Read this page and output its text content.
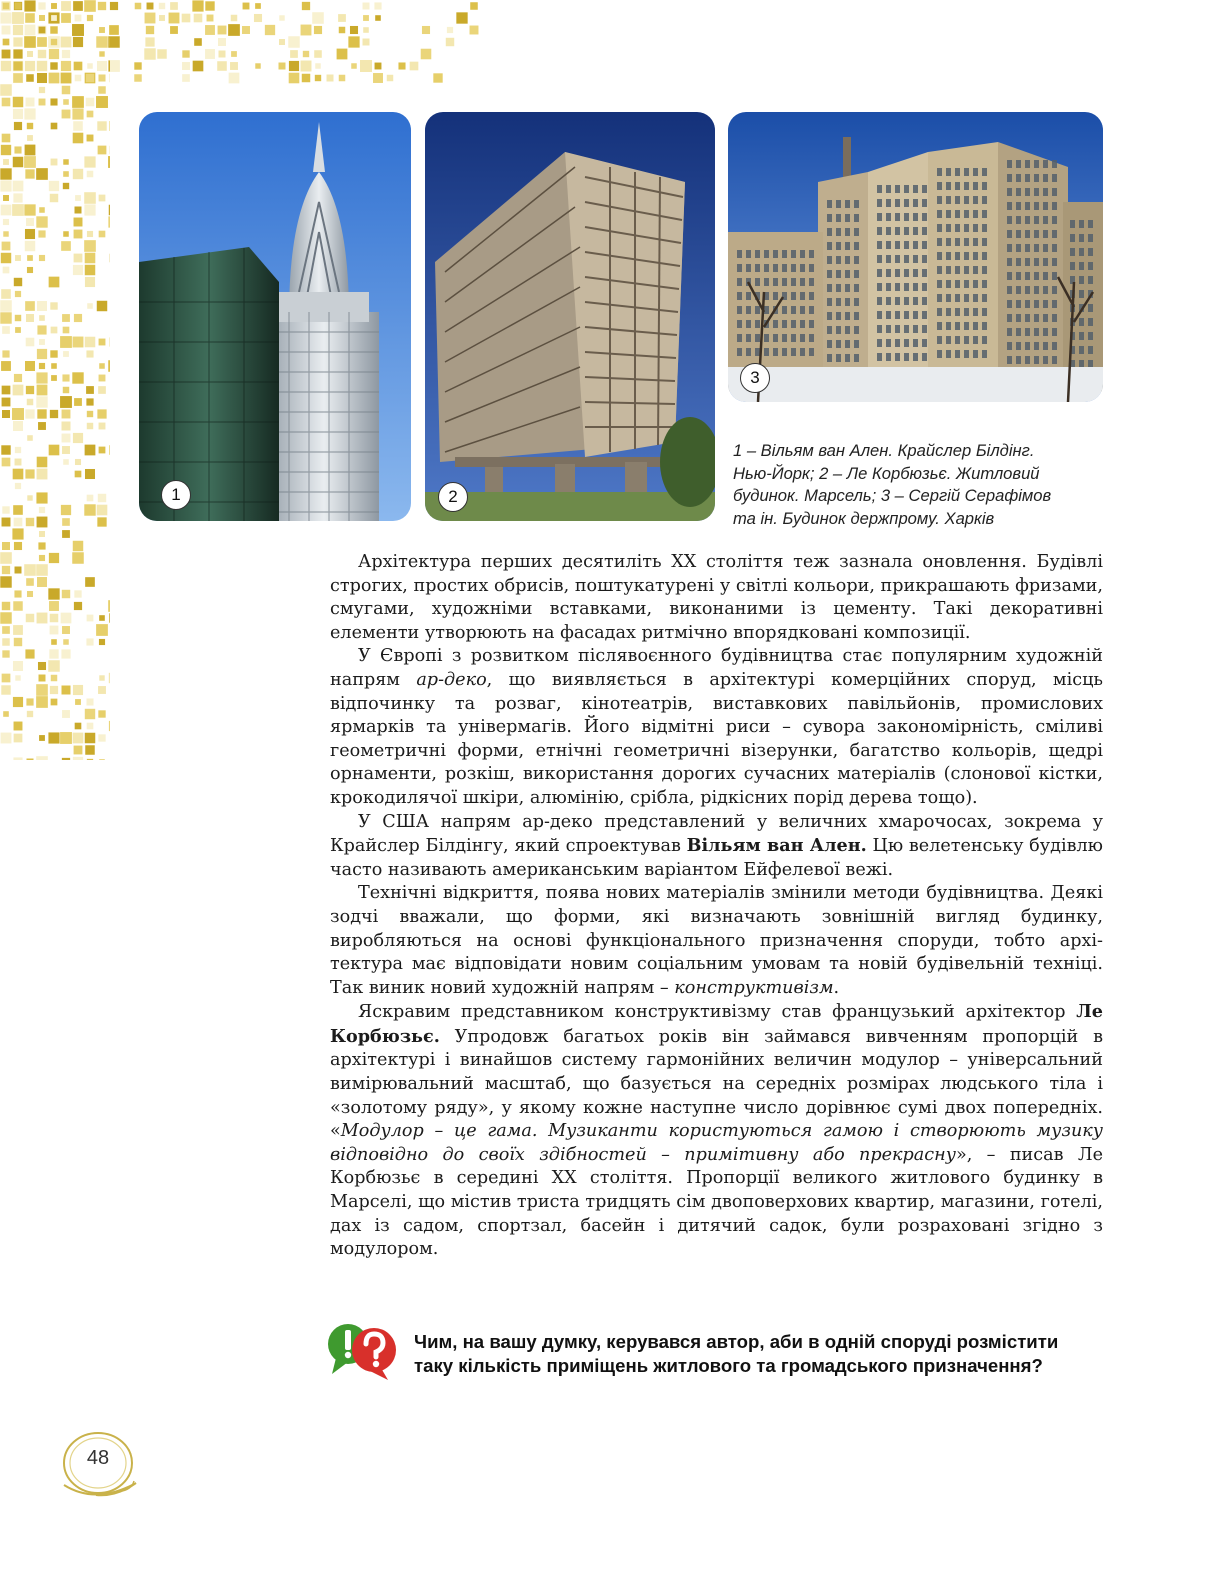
1	2
3
1 – Вільям ван Ален. Крайслер Білдінг.
Нью-Йорк; 2 – Ле Корбюзьє. Житловий
будинок. Марсель; 3 – Сергій Серафімов
та ін. Будинок держпрому. Харків

Архітектура перших десятиліть XX століття теж зазнала оновлення. Будівлі строгих, простих обрисів, поштукатурені у світлі кольори, прикрашають фризами, смугами, художніми вставками, виконаними із цементу. Такі декоративні елементи утворюють на фасадах ритмічно впорядковані композиції.

У Європі з розвитком післявоєнного будівництва стає популярним художній напрям ар-деко, що виявляється в архітектурі комерційних споруд, місць відпочинку та розваг, кінотеатрів, виставкових павільйонів, промислових ярмарків та універмагів. Його відмітні риси – сувора закономірність, сміливі геометричні форми, етнічні геометричні візерунки, багатство кольорів, щедрі орнаменти, розкіш, використання дорогих сучасних матеріалів (слонової кістки, крокодилячої шкіри, алюмінію, срібла, рідкісних порід дерева тощо).

У США напрям ар-деко представлений у величних хмарочосах, зокрема у Крайслер Білдінгу, який спроектував Вільям ван Ален. Цю велетенську будівлю часто називають американським варіантом Ейфелевої вежі.

Технічні відкриття, поява нових матеріалів змінили методи будівництва. Деякі зодчі вважали, що форми, які визначають зовнішній вигляд будинку, виробляються на основі функціонального призначення споруди, тобто архітектура має відповідати новим соціальним умовам та новій будівельній техніці. Так виник новий художній напрям – конструктивізм.

Яскравим представником конструктивізму став французький архітектор Ле Корбюзьє. Упродовж багатьох років він займався вивченням пропорцій в архітектурі і винайшов систему гармонійних величин модулор – універсальний вимірювальний масштаб, що базується на середніх розмірах людського тіла і «золотому ряду», у якому кожне наступне число дорівнює сумі двох попередніх. «Модулор – це гама. Музиканти користуються гамою і створюють музику відповідно до своїх здібностей – примітивну або прекрасну», – писав Ле Корбюзьє в середині XX століття. Пропорції великого житлового будинку в Марселі, що містив триста тридцять сім двоповерхових квартир, магазини, готелі, дах із садом, спортзал, басейн і дитячий садок, були розраховані згідно з модулором.

Чим, на вашу думку, керувався автор, аби в одній споруді розмістити
таку кількість приміщень житлового та громадського призначення?
48
